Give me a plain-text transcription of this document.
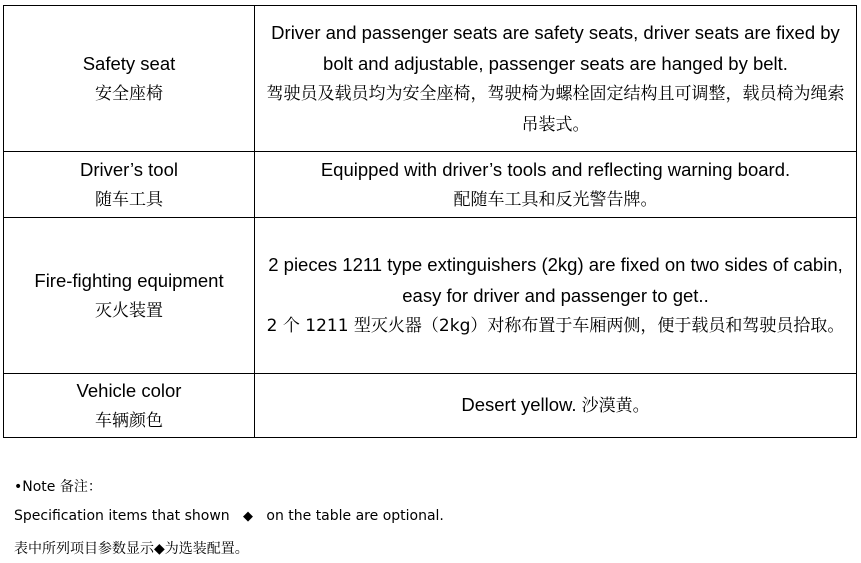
Safety seat
安全座椅	Driver and passenger seats are safety seats, driver seats are fixed by bolt and adjustable, passenger seats are hanged by belt.
驾驶员及载员均为安全座椅，驾驶椅为螺栓固定结构且可调整，载员椅为绳索吊装式。

Driver’s tool
随车工具	Equipped with driver’s tools and reflecting warning board.
配随车工具和反光警告牌。

Fire-fighting equipment
灭火装置	2 pieces 1211 type extinguishers (2kg) are fixed on two sides of cabin, easy for driver and passenger to get..
2 个 1211 型灭火器（2kg）对称布置于车厢两侧，便于载员和驾驶员拾取。

Vehicle color
车辆颜色	Desert yellow. 沙漠黄。
•Note 备注：
Specification items that shown ◆ on the table are optional.
表中所列项目参数显示◆为选装配置。
